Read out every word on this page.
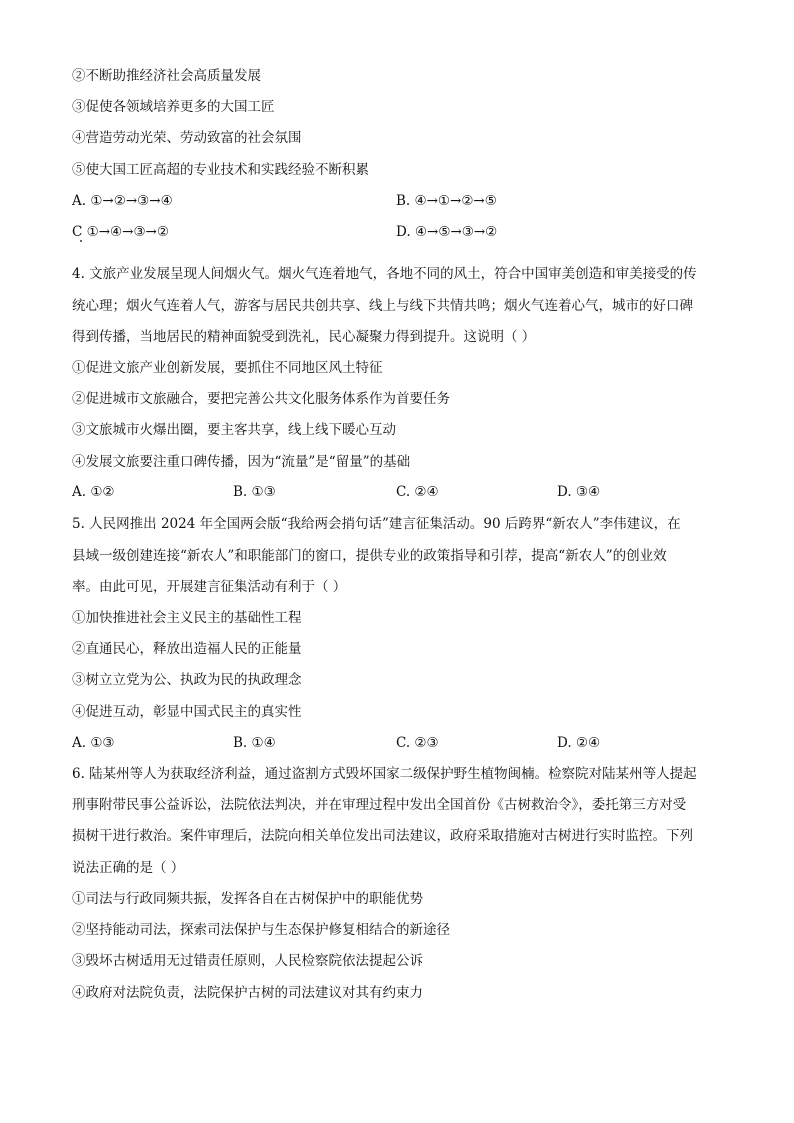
②不断助推经济社会高质量发展
③促使各领域培养更多的大国工匠
④营造劳动光荣、劳动致富的社会氛围
⑤使大国工匠高超的专业技术和实践经验不断积累
A. ①→②→③→④	B. ④→①→②→⑤
C ①→④→③→②	D. ④→⑤→③→②
4. 文旅产业发展呈现人间烟火气。烟火气连着地气，各地不同的风土，符合中国审美创造和审美接受的传
统心理；烟火气连着人气，游客与居民共创共享、线上与线下共情共鸣；烟火气连着心气，城市的好口碑
得到传播，当地居民的精神面貌受到洗礼，民心凝聚力得到提升。这说明（ ）
①促进文旅产业创新发展，要抓住不同地区风土特征
②促进城市文旅融合，要把完善公共文化服务体系作为首要任务
③文旅城市火爆出圈，要主客共享，线上线下暖心互动
④发展文旅要注重口碑传播，因为“流量”是“留量”的基础
A. ①②	B. ①③	C. ②④	D. ③④
5. 人民网推出 2024 年全国两会版“我给两会捎句话”建言征集活动。90 后跨界“新农人”李伟建议，在
县域一级创建连接“新农人”和职能部门的窗口，提供专业的政策指导和引荐，提高“新农人”的创业效
率。由此可见，开展建言征集活动有利于（ ）
①加快推进社会主义民主的基础性工程
②直通民心，释放出造福人民的正能量
③树立立党为公、执政为民的执政理念
④促进互动，彰显中国式民主的真实性
A. ①③	B. ①④	C. ②③	D. ②④
6. 陆某州等人为获取经济利益，通过盗割方式毁坏国家二级保护野生植物闽楠。检察院对陆某州等人提起
刑事附带民事公益诉讼，法院依法判决，并在审理过程中发出全国首份《古树救治令》，委托第三方对受
损树干进行救治。案件审理后，法院向相关单位发出司法建议，政府采取措施对古树进行实时监控。下列
说法正确的是（ ）
①司法与行政同频共振，发挥各自在古树保护中的职能优势
②坚持能动司法，探索司法保护与生态保护修复相结合的新途径
③毁坏古树适用无过错责任原则，人民检察院依法提起公诉
④政府对法院负责，法院保护古树的司法建议对其有约束力
